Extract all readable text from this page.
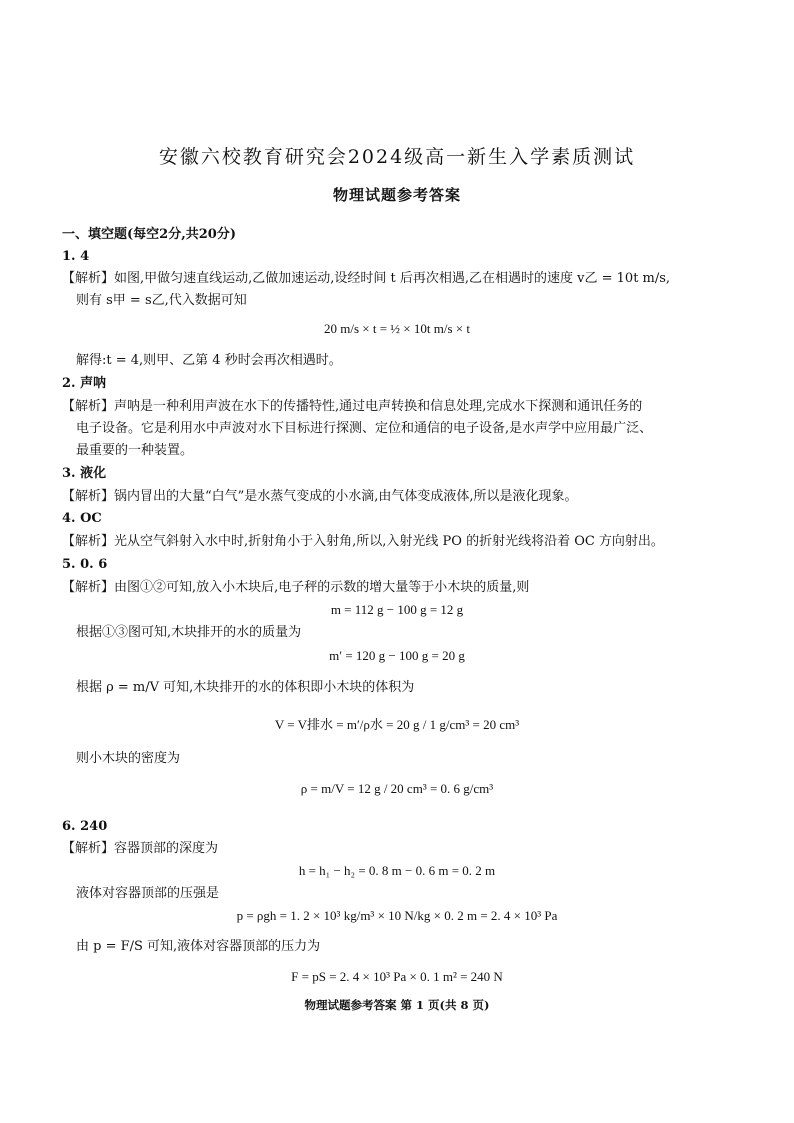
安徽六校教育研究会2024级高一新生入学素质测试
物理试题参考答案
一、填空题(每空2分,共20分)
1. 4
【解析】如图,甲做匀速直线运动,乙做加速运动,设经时间 t 后再次相遇,乙在相遇时的速度 v乙 = 10t m/s,
则有 s甲 = s乙,代入数据可知
20 m/s × t = ½ × 10t m/s × t
解得:t = 4,则甲、乙第 4 秒时会再次相遇时。
2. 声呐
【解析】声呐是一种利用声波在水下的传播特性,通过电声转换和信息处理,完成水下探测和通讯任务的
电子设备。它是利用水中声波对水下目标进行探测、定位和通信的电子设备,是水声学中应用最广泛、
最重要的一种装置。
3. 液化
【解析】锅内冒出的大量“白气”是水蒸气变成的小水滴,由气体变成液体,所以是液化现象。
4. OC
【解析】光从空气斜射入水中时,折射角小于入射角,所以,入射光线 PO 的折射光线将沿着 OC 方向射出。
5. 0. 6
【解析】由图①②可知,放入小木块后,电子秤的示数的增大量等于小木块的质量,则
m = 112 g − 100 g = 12 g
根据①③图可知,木块排开的水的质量为
m′ = 120 g − 100 g = 20 g
根据 ρ = m/V 可知,木块排开的水的体积即小木块的体积为
V = V排水 = m′/ρ水 = 20 g / 1 g/cm³ = 20 cm³
则小木块的密度为
ρ = m/V = 12 g / 20 cm³ = 0. 6 g/cm³
6. 240
【解析】容器顶部的深度为
h = h₁ − h₂ = 0. 8 m − 0. 6 m = 0. 2 m
液体对容器顶部的压强是
p = ρgh = 1. 2 × 10³ kg/m³ × 10 N/kg × 0. 2 m = 2. 4 × 10³ Pa
由 p = F/S 可知,液体对容器顶部的压力为
F = pS = 2. 4 × 10³ Pa × 0. 1 m² = 240 N
物理试题参考答案 第 1 页(共 8 页)
